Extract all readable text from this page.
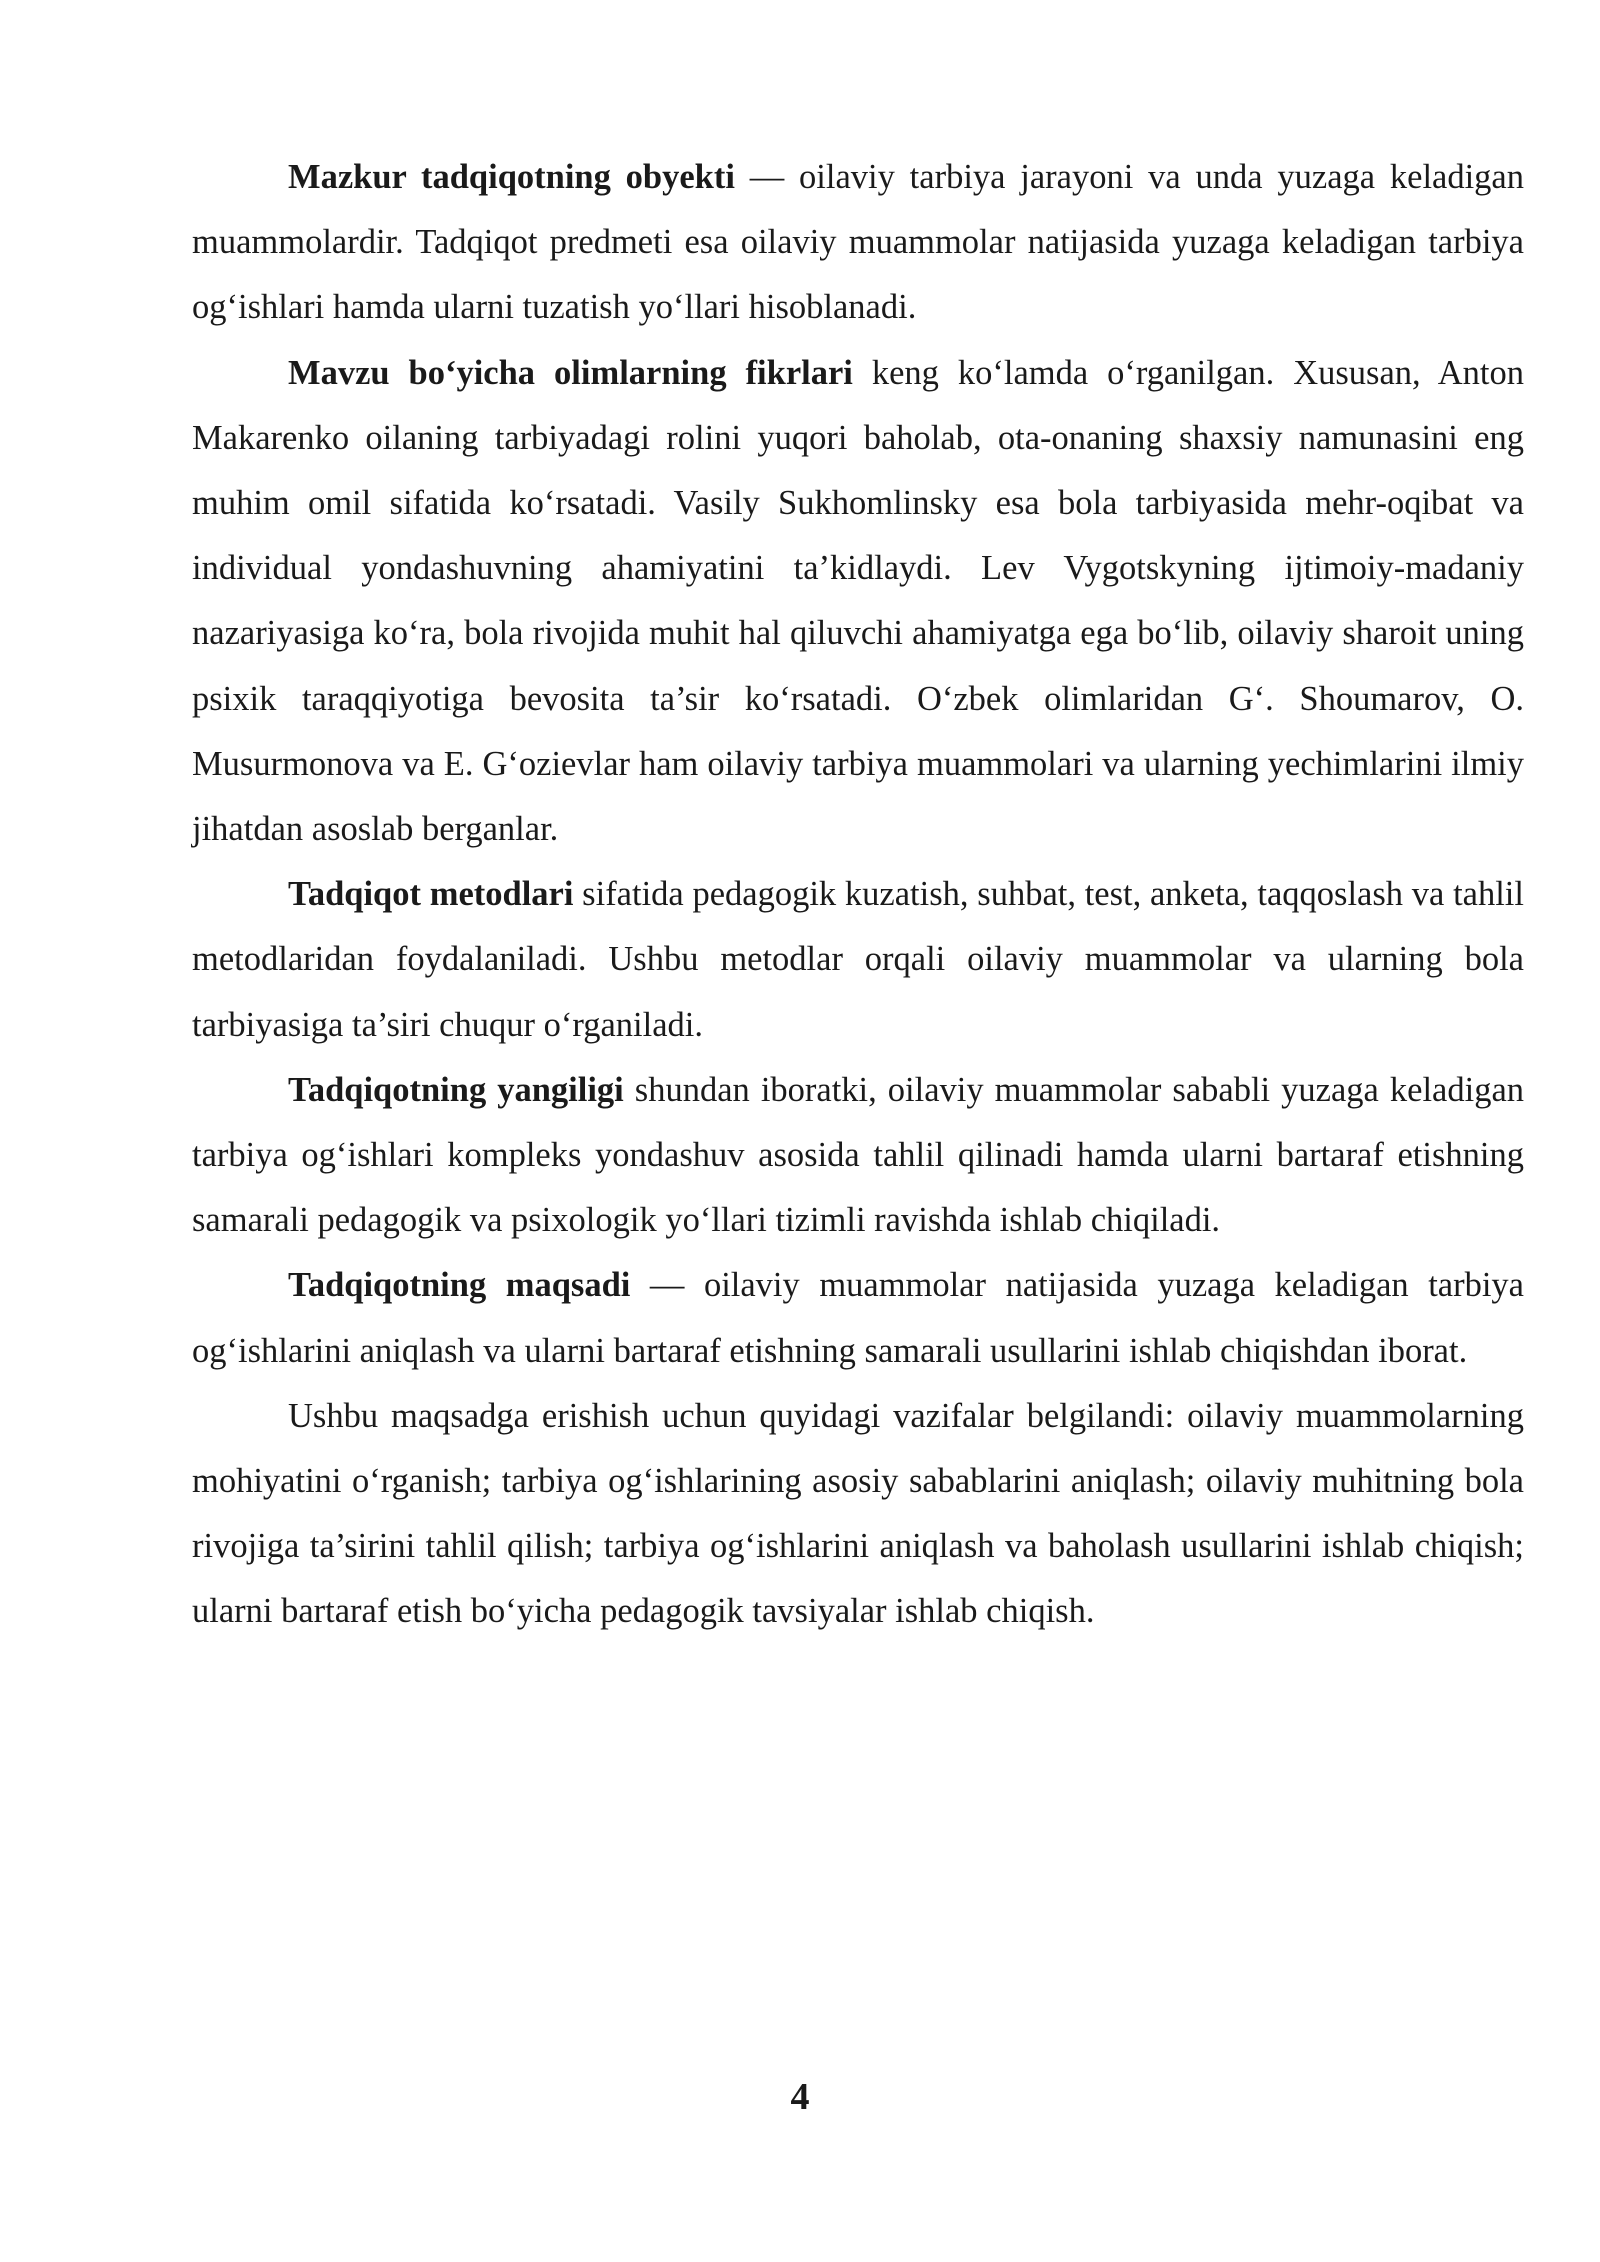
Mazkur tadqiqotning obyekti — oilaviy tarbiya jarayoni va unda yuzaga keladigan muammolardir. Tadqiqot predmeti esa oilaviy muammolar natijasida yuzaga keladigan tarbiya og‘ishlari hamda ularni tuzatish yo‘llari hisoblanadi.

Mavzu bo‘yicha olimlarning fikrlari keng ko‘lamda o‘rganilgan. Xususan, Anton Makarenko oilaning tarbiyadagi rolini yuqori baholab, ota-onaning shaxsiy namunasini eng muhim omil sifatida ko‘rsatadi. Vasily Sukhomlinsky esa bola tarbiyasida mehr-oqibat va individual yondashuvning ahamiyatini ta’kidlaydi. Lev Vygotskyning ijtimoiy-madaniy nazariyasiga ko‘ra, bola rivojida muhit hal qiluvchi ahamiyatga ega bo‘lib, oilaviy sharoit uning psixik taraqqiyotiga bevosita ta’sir ko‘rsatadi. O‘zbek olimlaridan G‘. Shoumarov, O. Musurmonova va E. G‘ozievlar ham oilaviy tarbiya muammolari va ularning yechimlarini ilmiy jihatdan asoslab berganlar.

Tadqiqot metodlari sifatida pedagogik kuzatish, suhbat, test, anketa, taqqoslash va tahlil metodlaridan foydalaniladi. Ushbu metodlar orqali oilaviy muammolar va ularning bola tarbiyasiga ta’siri chuqur o‘rganiladi.

Tadqiqotning yangiligi shundan iboratki, oilaviy muammolar sababli yuzaga keladigan tarbiya og‘ishlari kompleks yondashuv asosida tahlil qilinadi hamda ularni bartaraf etishning samarali pedagogik va psixologik yo‘llari tizimli ravishda ishlab chiqiladi.

Tadqiqotning maqsadi — oilaviy muammolar natijasida yuzaga keladigan tarbiya og‘ishlarini aniqlash va ularni bartaraf etishning samarali usullarini ishlab chiqishdan iborat.

Ushbu maqsadga erishish uchun quyidagi vazifalar belgilandi: oilaviy muammolarning mohiyatini o‘rganish; tarbiya og‘ishlarining asosiy sabablarini aniqlash; oilaviy muhitning bola rivojiga ta’sirini tahlil qilish; tarbiya og‘ishlarini aniqlash va baholash usullarini ishlab chiqish; ularni bartaraf etish bo‘yicha pedagogik tavsiyalar ishlab chiqish.

4
